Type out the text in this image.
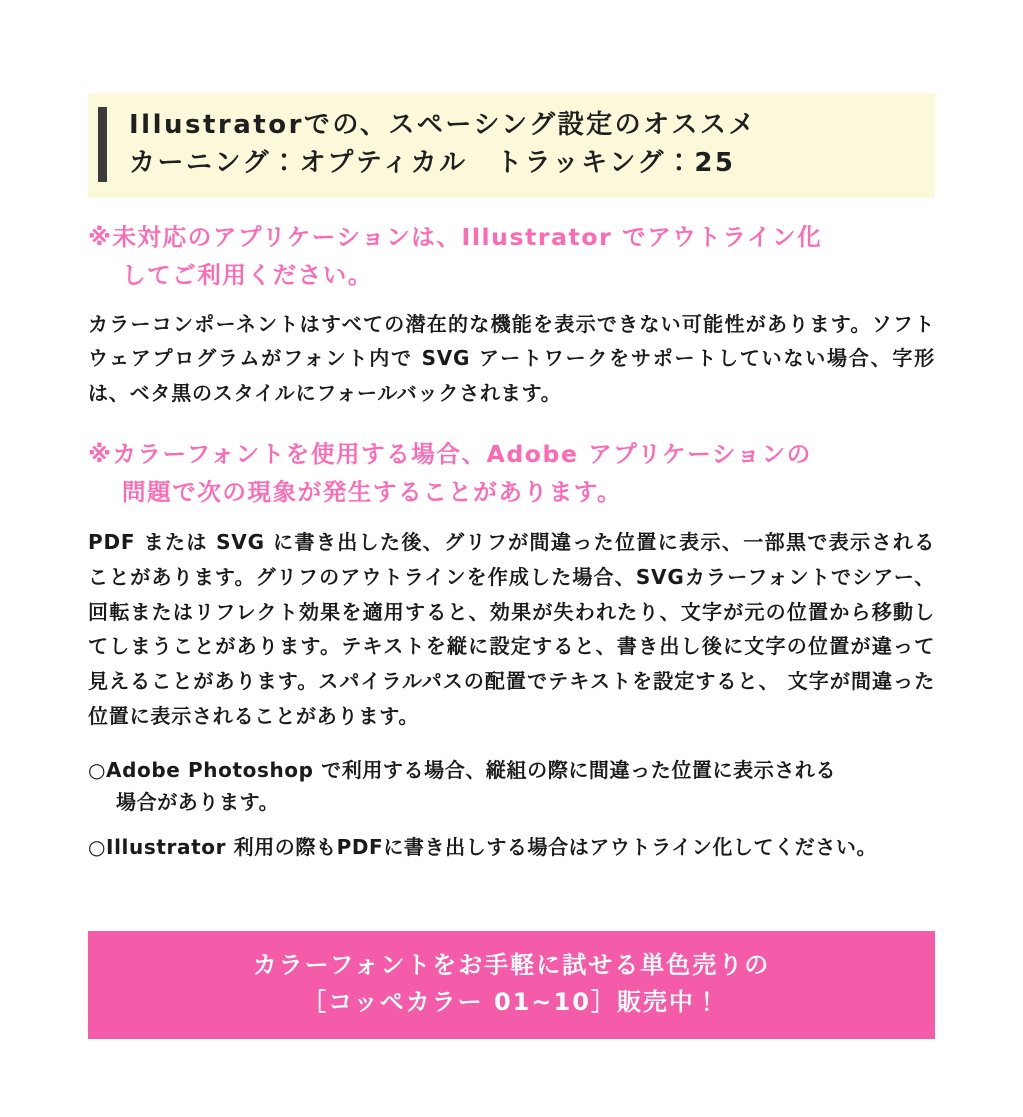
Illustratorでの、スペーシング設定のオススメ
カーニング：オプティカル　トラッキング：25
※未対応のアプリケーションは、Illustrator でアウトライン化
してご利用ください。

カラーコンポーネントはすべての潜在的な機能を表示できない可能性があります。ソフトウェアプログラムがフォント内で SVG アートワークをサポートしていない場合、字形は、ベタ黒のスタイルにフォールバックされます。

※カラーフォントを使用する場合、Adobe アプリケーションの
問題で次の現象が発生することがあります。

PDF または SVG に書き出した後、グリフが間違った位置に表示、一部黒で表示されることがあります。グリフのアウトラインを作成した場合、SVGカラーフォントでシアー、回転またはリフレクト効果を適用すると、効果が失われたり、文字が元の位置から移動してしまうことがあります。テキストを縦に設定すると、書き出し後に文字の位置が違って見えることがあります。スパイラルパスの配置でテキストを設定すると、 文字が間違った位置に表示されることがあります。

○Adobe Photoshop で利用する場合、縦組の際に間違った位置に表示される
場合があります。
○Illustrator 利用の際もPDFに書き出しする場合はアウトライン化してください。
カラーフォントをお手軽に試せる単色売りの
［コッペカラー 01~10］販売中！
